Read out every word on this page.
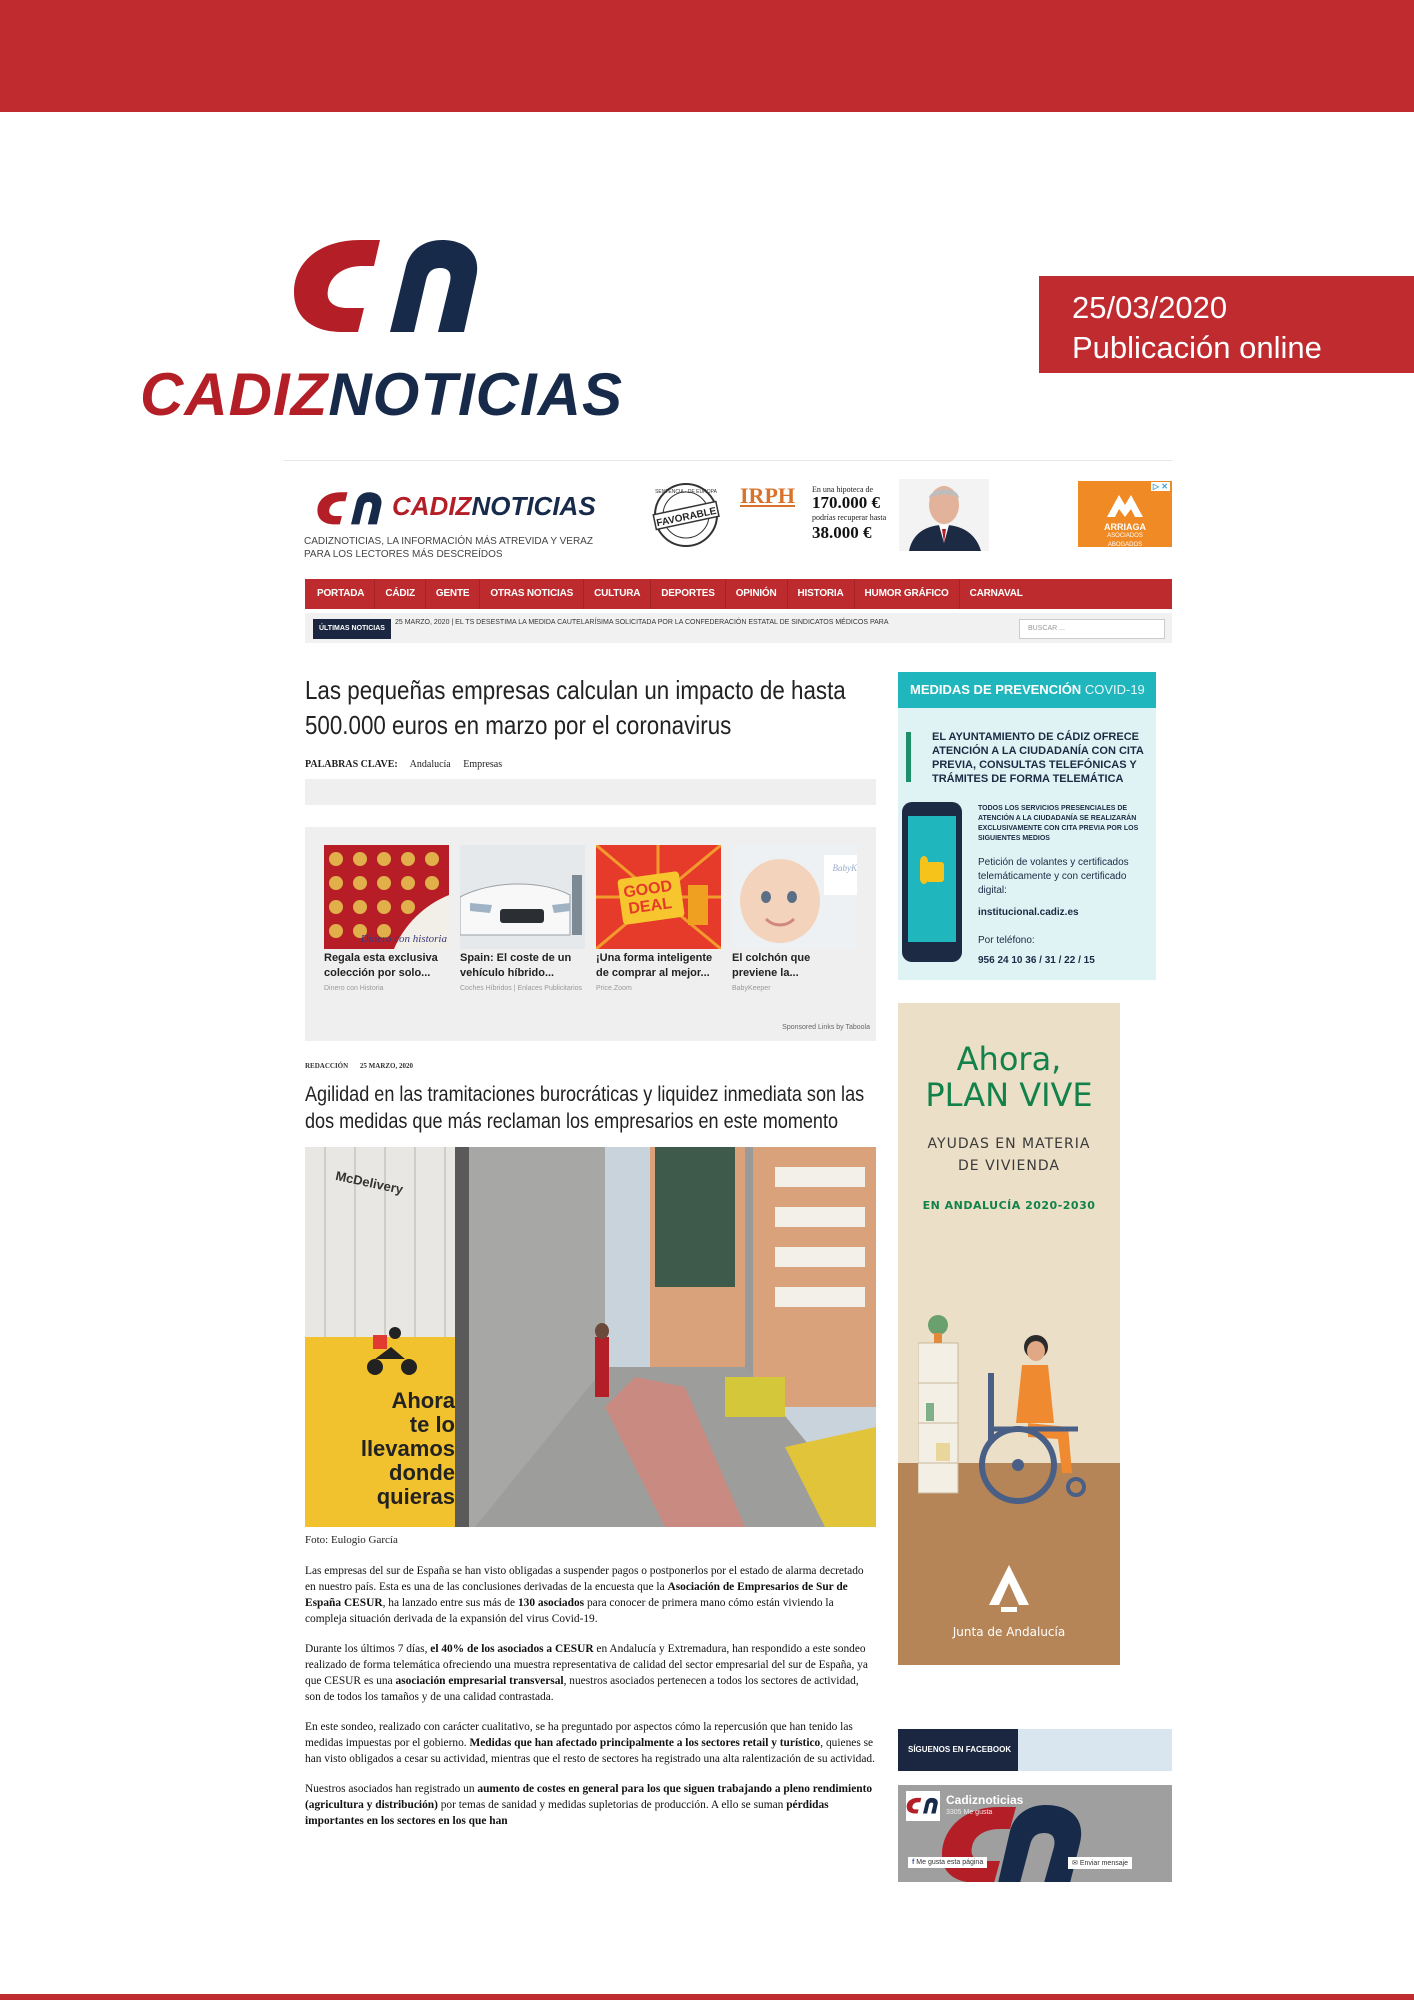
CADIZNOTICIAS
25/03/2020
Publicación online
CADIZNOTICIAS
CADIZNOTICIAS, LA INFORMACIÓN MÁS ATREVIDA Y VERAZ
PARA LOS LECTORES MÁS DESCREÍDOS
FAVORABLE
SENTENCIA · DE EUROPA IRPH En una hipoteca de
170.000 €
podrías recuperar hasta
38.000 €
▷ ✕
ARRIAGA
ASOCIADOS
ABOGADOS
PORTADA	CÁDIZ	GENTE	OTRAS NOTICIAS	CULTURA	DEPORTES	OPINIÓN	HISTORIA	HUMOR GRÁFICO	CARNAVAL
ÚLTIMAS NOTICIAS
25 MARZO, 2020 | EL TS DESESTIMA LA MEDIDA CAUTELARÍSIMA SOLICITADA POR LA CONFEDERACIÓN ESTATAL DE SINDICATOS MÉDICOS PARA
BUSCAR ...
Las pequeñas empresas calculan un impacto de hasta 500.000 euros en marzo por el coronavirus
PALABRAS CLAVE: Andalucía Empresas
Dinero con historia
Regala esta exclusiva colección por solo...
Dinero con Historia
Spain: El coste de un vehículo híbrido...
Coches Híbridos | Enlaces Publicitarios
GOOD DEAL
¡Una forma inteligente de comprar al mejor...
Price.Zoom
BabyK
El colchón que previene la...
BabyKeeper
Sponsored Links by Taboola
REDACCIÓN 25 MARZO, 2020
Agilidad en las tramitaciones burocráticas y liquidez inmediata son las dos medidas que más reclaman los empresarios en este momento
McDelivery
Ahora
te lo
llevamos
donde
quieras
Foto: Eulogio García

Las empresas del sur de España se han visto obligadas a suspender pagos o postponerlos por el estado de alarma decretado en nuestro país. Esta es una de las conclusiones derivadas de la encuesta que la Asociación de Empresarios de Sur de España CESUR, ha lanzado entre sus más de 130 asociados para conocer de primera mano cómo están viviendo la compleja situación derivada de la expansión del virus Covid-19.

Durante los últimos 7 días, el 40% de los asociados a CESUR en Andalucía y Extremadura, han respondido a este sondeo realizado de forma telemática ofreciendo una muestra representativa de calidad del sector empresarial del sur de España, ya que CESUR es una asociación empresarial transversal, nuestros asociados pertenecen a todos los sectores de actividad, son de todos los tamaños y de una calidad contrastada.

En este sondeo, realizado con carácter cualitativo, se ha preguntado por aspectos cómo la repercusión que han tenido las medidas impuestas por el gobierno. Medidas que han afectado principalmente a los sectores retail y turístico, quienes se han visto obligados a cesar su actividad, mientras que el resto de sectores ha registrado una alta ralentización de su actividad.

Nuestros asociados han registrado un aumento de costes en general para los que siguen trabajando a pleno rendimiento (agricultura y distribución) por temas de sanidad y medidas supletorias de producción. A ello se suman pérdidas importantes en los sectores en los que han

MEDIDAS DE PREVENCIÓN COVID-19
EL AYUNTAMIENTO DE CÁDIZ OFRECE ATENCIÓN A LA CIUDADANÍA CON CITA PREVIA, CONSULTAS TELEFÓNICAS Y TRÁMITES DE FORMA TELEMÁTICA
TODOS LOS SERVICIOS PRESENCIALES DE ATENCIÓN A LA CIUDADANÍA SE REALIZARÁN EXCLUSIVAMENTE CON CITA PREVIA POR LOS SIGUIENTES MEDIOS
Petición de volantes y certificados telemáticamente y con certificado digital:
institucional.cadiz.es
Por teléfono:
956 24 10 36 / 31 / 22 / 15
Ahora,
PLAN VIVE
AYUDAS EN MATERIA
DE VIVIENDA
EN ANDALUCÍA 2020-2030
Junta de Andalucía
SÍGUENOS EN FACEBOOK
Cadiznoticias
3305 Me gusta
f Me gusta esta página	✉ Enviar mensaje
